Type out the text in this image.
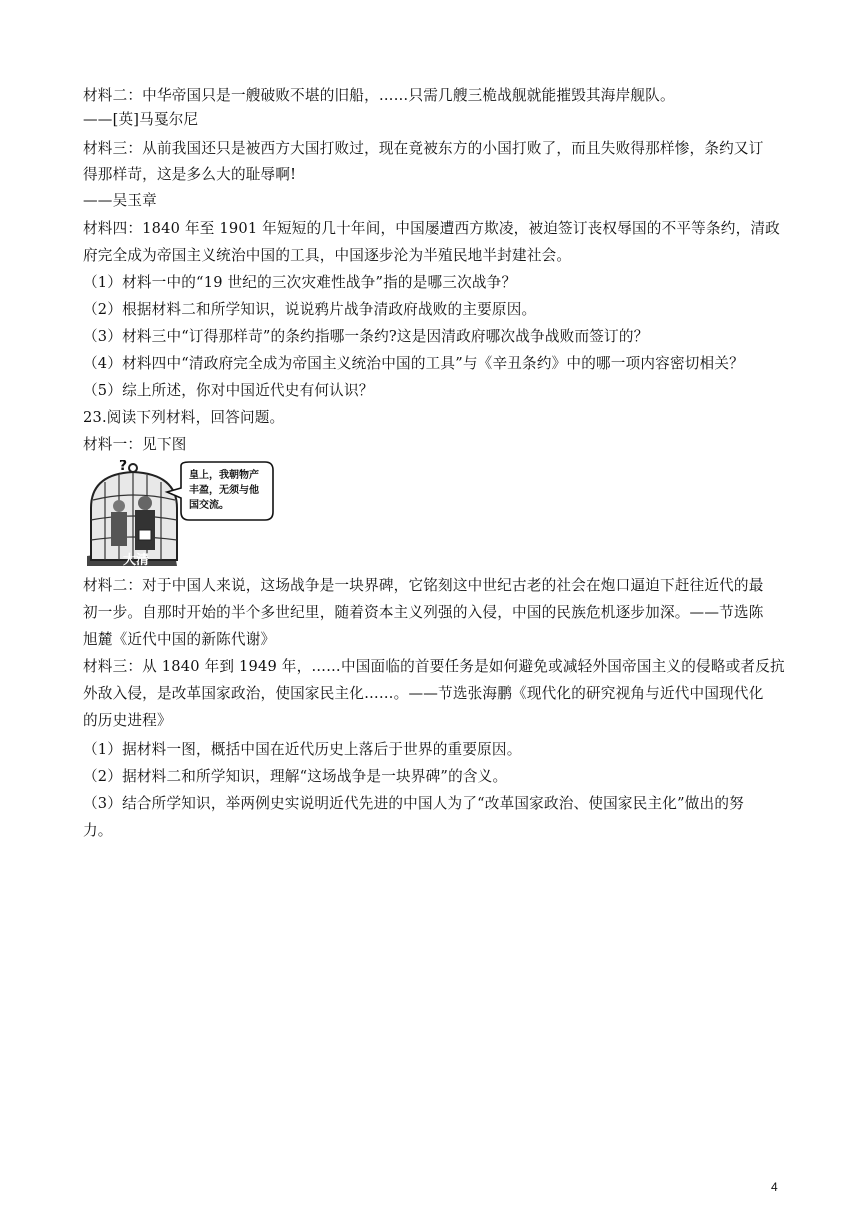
材料二：中华帝国只是一艘破败不堪的旧船，……只需几艘三桅战舰就能摧毁其海岸舰队。
——[英]马戛尔尼
材料三：从前我国还只是被西方大国打败过，现在竟被东方的小国打败了，而且失败得那样惨，条约又订
得那样苛，这是多么大的耻辱啊!
——吴玉章
材料四：1840 年至 1901 年短短的几十年间，中国屡遭西方欺凌，被迫签订丧权辱国的不平等条约，清政
府完全成为帝国主义统治中国的工具，中国逐步沦为半殖民地半封建社会。
（1）材料一中的“19 世纪的三次灾难性战争”指的是哪三次战争？
（2）根据材料二和所学知识，说说鸦片战争清政府战败的主要原因。
（3）材料三中“订得那样苛”的条约指哪一条约?这是因清政府哪次战争战败而签订的？
（4）材料四中“清政府完全成为帝国主义统治中国的工具”与《辛丑条约》中的哪一项内容密切相关？
（5）综上所述，你对中国近代史有何认识？
23.阅读下列材料，回答问题。
材料一：见下图
?
大清
皇上，我朝物产
丰盈，无须与他
国交流。
材料二：对于中国人来说，这场战争是一块界碑，它铭刻这中世纪古老的社会在炮口逼迫下赶往近代的最
初一步。自那时开始的半个多世纪里，随着资本主义列强的入侵，中国的民族危机逐步加深。——节选陈
旭麓《近代中国的新陈代谢》
材料三：从 1840 年到 1949 年，……中国面临的首要任务是如何避免或减轻外国帝国主义的侵略或者反抗
外敌入侵，是改革国家政治，使国家民主化……。——节选张海鹏《现代化的研究视角与近代中国现代化
的历史进程》
（1）据材料一图，概括中国在近代历史上落后于世界的重要原因。
（2）据材料二和所学知识，理解“这场战争是一块界碑”的含义。
（3）结合所学知识，举两例史实说明近代先进的中国人为了“改革国家政治、使国家民主化”做出的努
力。
4
